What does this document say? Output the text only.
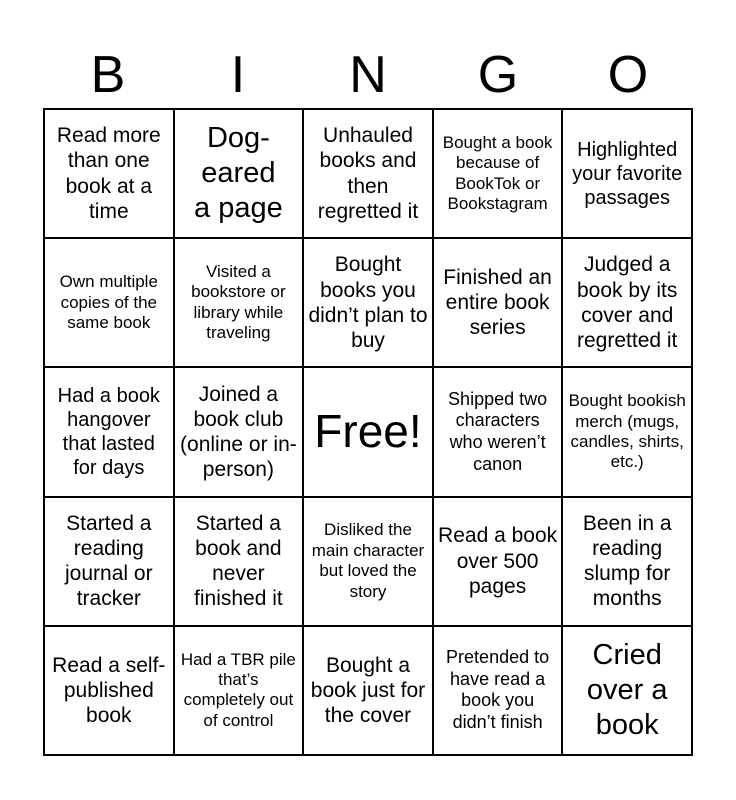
B	I	N	G	O
Read more than one book at a time
Dog-eared a page
Unhauled books and then regretted it
Bought a book because of BookTok or Bookstagram
Highlighted your favorite passages
Own multiple copies of the same book
Visited a bookstore or library while traveling
Bought books you didn’t plan to buy
Finished an entire book series
Judged a book by its cover and regretted it
Had a book hangover that lasted for days
Joined a book club (online or in-person)
Free!
Shipped two characters who weren’t canon
Bought bookish merch (mugs, candles, shirts, etc.)
Started a reading journal or tracker
Started a book and never finished it
Disliked the main character but loved the story
Read a book over 500 pages
Been in a reading slump for months
Read a self-published book
Had a TBR pile that’s completely out of control
Bought a book just for the cover
Pretended to have read a book you didn’t finish
Cried over a book
